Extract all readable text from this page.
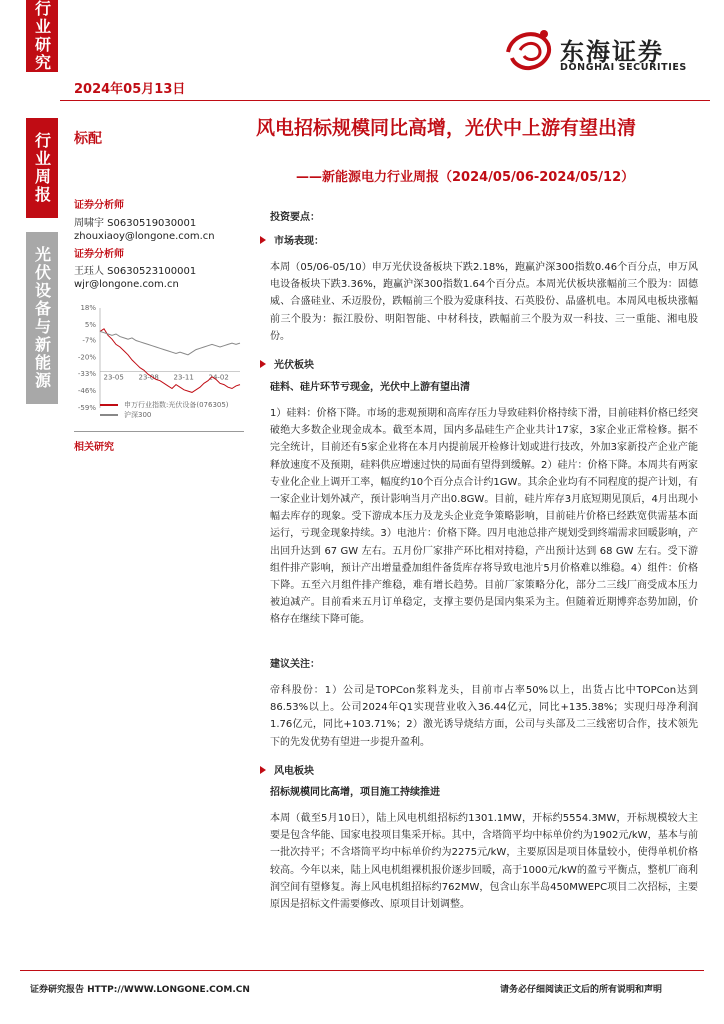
行业研究
行业周报
光伏设备与新能源
2024年05月13日
东海证券
DONGHAI SECURITIES
标配	风电招标规模同比高增，光伏中上游有望出清
——新能源电力行业周报（2024/05/06-2024/05/12）
证券分析师
周啸宇 S0630519030001
zhouxiaoy@longone.com.cn
证券分析师
王珏人 S0630523100001
wjr@longone.com.cn
18%
5%
-7%
-20%
-33%
-46%
-59%
23-05 23-08 23-11 24-02
申万行业指数:光伏设备(076305)
沪深300
相关研究
投资要点：
市场表现：
本周（05/06-05/10）申万光伏设备板块下跌2.18%，跑赢沪深300指数0.46个百分点，申万风电设备板块下跌3.36%，跑赢沪深300指数1.64个百分点。本周光伏板块涨幅前三个股为：固德威、合盛硅业、禾迈股份，跌幅前三个股为爱康科技、石英股份、晶盛机电。本周风电板块涨幅前三个股为：振江股份、明阳智能、中材科技，跌幅前三个股为双一科技、三一重能、湘电股份。
光伏板块
硅料、硅片环节亏现金，光伏中上游有望出清
1）硅料：价格下降。市场的悲观预期和高库存压力导致硅料价格持续下滑，目前硅料价格已经突破绝大多数企业现金成本。截至本周，国内多晶硅生产企业共计17家，3家企业正常检修。据不完全统计，目前还有5家企业将在本月内提前展开检修计划或进行技改，外加3家新投产企业产能释放速度不及预期，硅料供应增速过快的局面有望得到缓解。2）硅片：价格下降。本周共有两家专业化企业上调开工率，幅度约10个百分点合计约1GW。其余企业均有不同程度的提产计划，有一家企业计划外减产，预计影响当月产出0.8GW。目前，硅片库存3月底短期见顶后，4月出现小幅去库存的现象。受下游成本压力及龙头企业竞争策略影响，目前硅片价格已经跌宽供需基本面运行，亏现金现象持续。3）电池片：价格下降。四月电池总排产规划受到终端需求回暖影响，产出回升达到 67 GW 左右。五月份厂家排产环比相对持稳，产出预计达到 68 GW 左右。受下游组件排产影响，预计产出增量叠加组件备货库存将导致电池片5月价格难以维稳。4）组件：价格下降。五至六月组件排产维稳，难有增长趋势。目前厂家策略分化，部分二三线厂商受成本压力被迫减产。目前看来五月订单稳定，支撑主要仍是国内集采为主。但随着近期博弈态势加剧，价格存在继续下降可能。
建议关注：
帝科股份：1）公司是TOPCon浆料龙头，目前市占率50%以上，出货占比中TOPCon达到86.53%以上。公司2024年Q1实现营业收入36.44亿元，同比+135.38%；实现归母净利润1.76亿元，同比+103.71%；2）激光诱导烧结方面，公司与头部及二三线密切合作，技术领先下的先发优势有望进一步提升盈利。
风电板块
招标规模同比高增，项目施工持续推进
本周（截至5月10日），陆上风电机组招标约1301.1MW，开标约5554.3MW，开标规模较大主要是包含华能、国家电投项目集采开标。其中，含塔筒平均中标单价约为1902元/kW，基本与前一批次持平；不含塔筒平均中标单价约为2275元/kW，主要原因是项目体量较小，使得单机价格较高。今年以来，陆上风电机组裸机报价逐步回暖，高于1000元/kW的盈亏平衡点，整机厂商利润空间有望修复。海上风电机组招标约762MW，包含山东半岛450MWEPC项目二次招标，主要原因是招标文件需要修改、原项目计划调整。
证券研究报告 HTTP://WWW.LONGONE.COM.CN	请务必仔细阅读正文后的所有说明和声明
